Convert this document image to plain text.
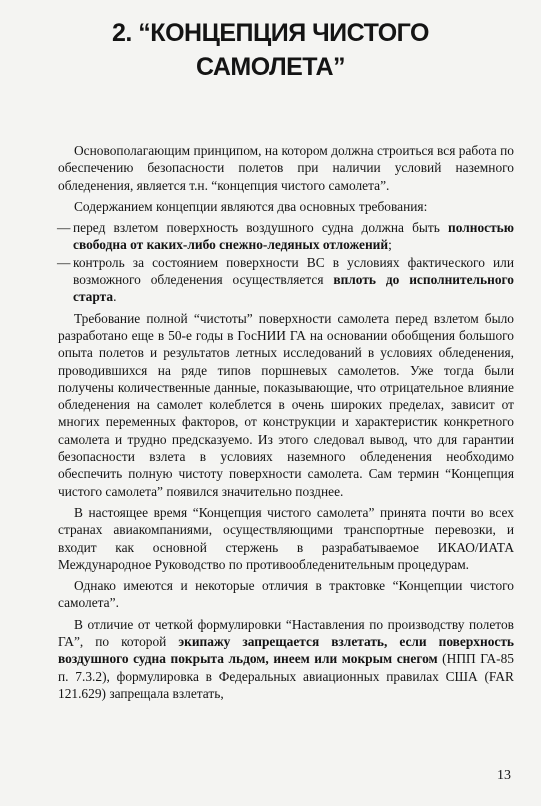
2. “КОНЦЕПЦИЯ ЧИСТОГО
САМОЛЕТА”

Основополагающим принципом, на котором должна строиться вся работа по обеспечению безопасности полетов при наличии условий наземного обледенения, является т.н. “концепция чистого самолета”.

Содержанием концепции являются два основных требования:

— перед взлетом поверхность воздушного судна должна быть полностью свободна от каких-либо снежно-ледяных отложений;
— контроль за состоянием поверхности ВС в условиях фактического или возможного обледенения осуществляется вплоть до исполнительного старта.

Требование полной “чистоты” поверхности самолета перед взлетом было разработано еще в 50-е годы в ГосНИИ ГА на основании обобщения большого опыта полетов и результатов летных исследований в условиях обледенения, проводившихся на ряде типов поршневых самолетов. Уже тогда были получены количественные данные, показывающие, что отрицательное влияние обледенения на самолет колеблется в очень широких пределах, зависит от многих переменных факторов, от конструкции и характеристик конкретного самолета и трудно предсказуемо. Из этого следовал вывод, что для гарантии безопасности взлета в условиях наземного обледенения необходимо обеспечить полную чистоту поверхности самолета. Сам термин “Концепция чистого самолета” появился значительно позднее.

В настоящее время “Концепция чистого самолета” принята почти во всех странах авиакомпаниями, осуществляющими транспортные перевозки, и входит как основной стержень в разрабатываемое ИКАО/ИАТА Международное Руководство по противообледенительным процедурам.

Однако имеются и некоторые отличия в трактовке “Концепции чистого самолета”.

В отличие от четкой формулировки “Наставления по производству полетов ГА”, по которой экипажу запрещается взлетать, если поверхность воздушного судна покрыта льдом, инеем или мокрым снегом (НПП ГА-85 п. 7.3.2), формулировка в Федеральных авиационных правилах США (FAR 121.629) запрещала взлетать,

13
